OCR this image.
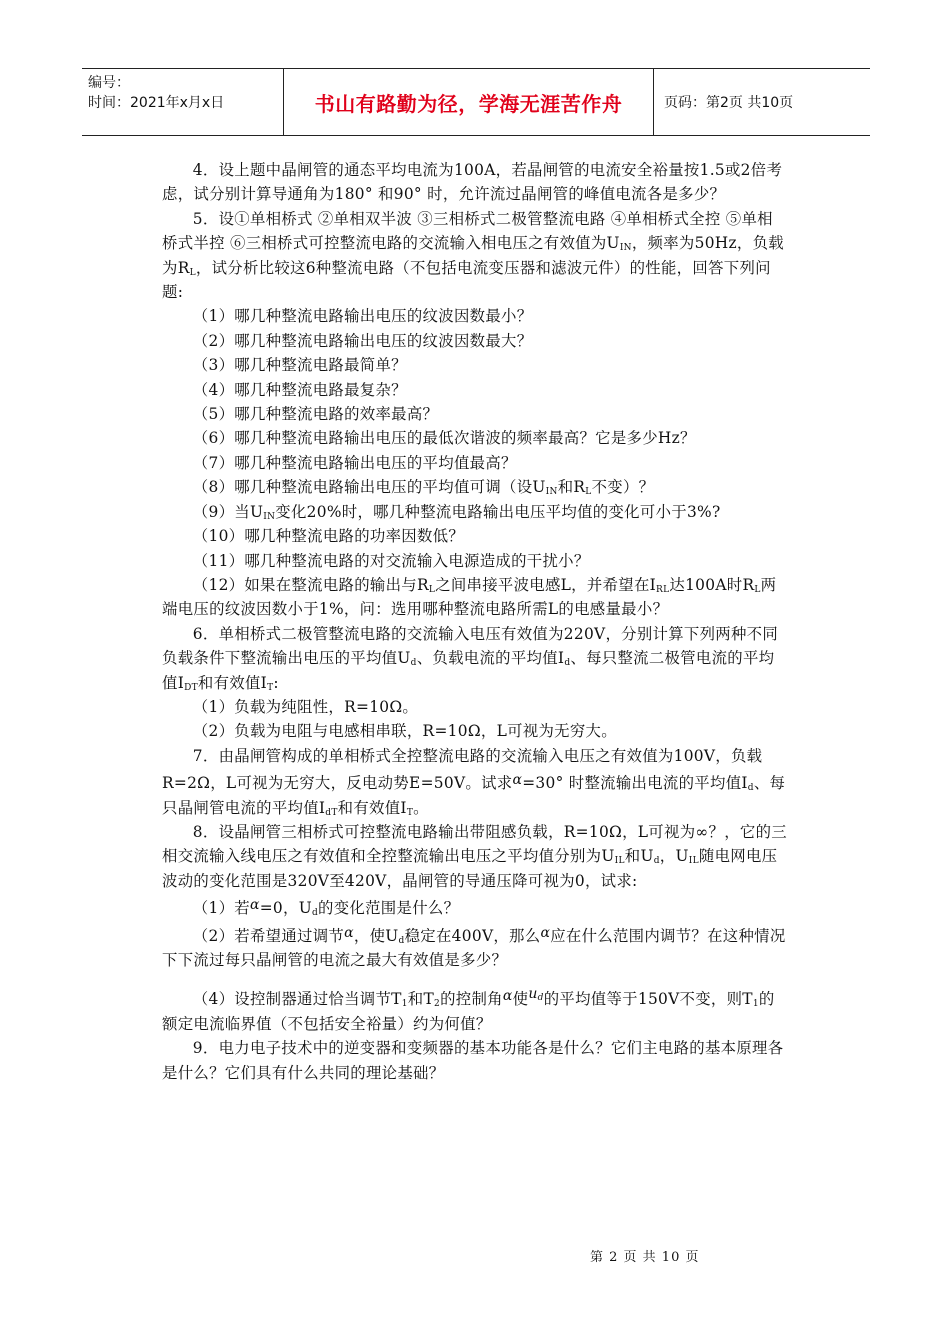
编号：
时间：2021年x月x日	书山有路勤为径，学海无涯苦作舟	页码：第2页 共10页

4．设上题中晶闸管的通态平均电流为100A，若晶闸管的电流安全裕量按1.5或2倍考虑，试分别计算导通角为180° 和90° 时，允许流过晶闸管的峰值电流各是多少？

5．设①单相桥式 ②单相双半波 ③三相桥式二极管整流电路 ④单相桥式全控 ⑤单相桥式半控 ⑥三相桥式可控整流电路的交流输入相电压之有效值为$U_{IN}$，频率为50Hz，负载为$R_L$，试分析比较这6种整流电路（不包括电流变压器和滤波元件）的性能，回答下列问题:

（1）哪几种整流电路输出电压的纹波因数最小？

（2）哪几种整流电路输出电压的纹波因数最大？

（3）哪几种整流电路最简单？

（4）哪几种整流电路最复杂？

（5）哪几种整流电路的效率最高？

（6）哪几种整流电路输出电压的最低次谐波的频率最高？它是多少Hz？

（7）哪几种整流电路输出电压的平均值最高？

（8）哪几种整流电路输出电压的平均值可调（设$U_{IN}$和$R_L$不变）？

（9）当$U_{IN}$变化20%时，哪几种整流电路输出电压平均值的变化可小于3%?

（10）哪几种整流电路的功率因数低？

（11）哪几种整流电路的对交流输入电源造成的干扰小？

（12）如果在整流电路的输出与$R_L$之间串接平波电感L，并希望在$I_{RL}$达100A时$R_L$两端电压的纹波因数小于1%，问：选用哪种整流电路所需L的电感量最小？

6．单相桥式二极管整流电路的交流输入电压有效值为220V，分别计算下列两种不同负载条件下整流输出电压的平均值$U_d$、负载电流的平均值$I_d$、每只整流二极管电流的平均值$I_{DT}$和有效值$I_T$:

（1）负载为纯阻性，R=10Ω。

（2）负载为电阻与电感相串联，R=10Ω，L可视为无穷大。

7．由晶闸管构成的单相桥式全控整流电路的交流输入电压之有效值为100V，负载R=2Ω，L可视为无穷大，反电动势E=50V。试求α=30° 时整流输出电流的平均值$I_d$、每只晶闸管电流的平均值$I_{dT}$和有效值$I_T$。

8．设晶闸管三相桥式可控整流电路输出带阻感负载，R=10Ω，L可视为∞？，它的三相交流输入线电压之有效值和全控整流输出电压之平均值分别为$U_{IL}$和$U_d$，$U_{IL}$随电网电压波动的变化范围是320V至420V，晶闸管的导通压降可视为0，试求:

（1）若α=0，$U_d$的变化范围是什么？

（2）若希望通过调节α，使$U_d$稳定在400V，那么α应在什么范围内调节？在这种情况下下流过每只晶闸管的电流之最大有效值是多少？

（4）设控制器通过恰当调节$T_1$和$T_2$的控制角α使$u_d$的平均值等于150V不变，则$T_1$的额定电流临界值（不包括安全裕量）约为何值？

9．电力电子技术中的逆变器和变频器的基本功能各是什么？它们主电路的基本原理各是什么？它们具有什么共同的理论基础？

第 2 页 共 10 页
